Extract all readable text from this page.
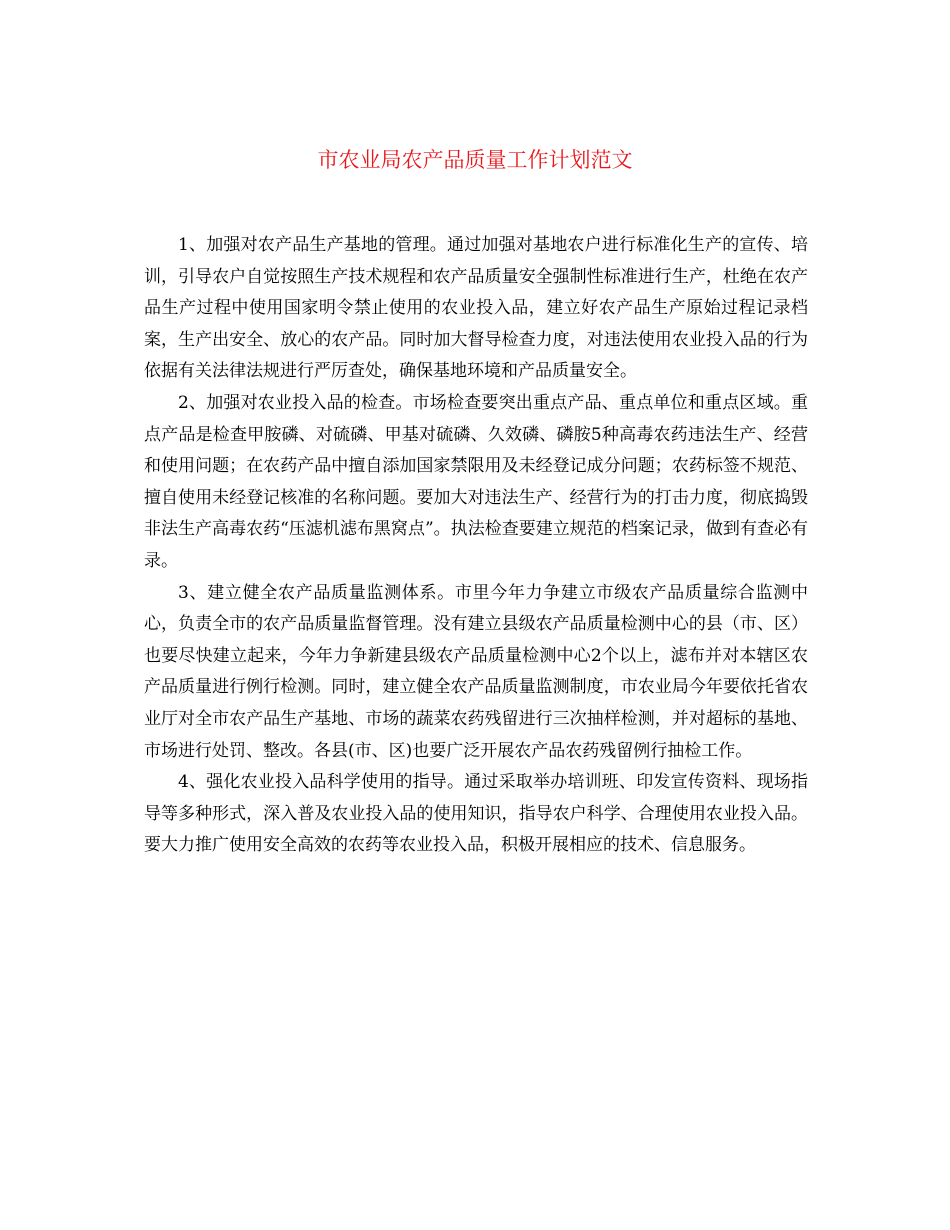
市农业局农产品质量工作计划范文

1、加强对农产品生产基地的管理。通过加强对基地农户进行标准化生产的宣传、培训，引导农户自觉按照生产技术规程和农产品质量安全强制性标准进行生产，杜绝在农产品生产过程中使用国家明令禁止使用的农业投入品，建立好农产品生产原始过程记录档案，生产出安全、放心的农产品。同时加大督导检查力度，对违法使用农业投入品的行为依据有关法律法规进行严厉查处，确保基地环境和产品质量安全。

2、加强对农业投入品的检查。市场检查要突出重点产品、重点单位和重点区域。重点产品是检查甲胺磷、对硫磷、甲基对硫磷、久效磷、磷胺5种高毒农药违法生产、经营和使用问题；在农药产品中擅自添加国家禁限用及未经登记成分问题；农药标签不规范、擅自使用未经登记核准的名称问题。要加大对违法生产、经营行为的打击力度，彻底捣毁非法生产高毒农药“压滤机滤布黑窝点”。执法检查要建立规范的档案记录，做到有查必有录。

3、建立健全农产品质量监测体系。市里今年力争建立市级农产品质量综合监测中心，负责全市的农产品质量监督管理。没有建立县级农产品质量检测中心的县（市、区）也要尽快建立起来，今年力争新建县级农产品质量检测中心2个以上，滤布并对本辖区农产品质量进行例行检测。同时，建立健全农产品质量监测制度，市农业局今年要依托省农业厅对全市农产品生产基地、市场的蔬菜农药残留进行三次抽样检测，并对超标的基地、市场进行处罚、整改。各县(市、区)也要广泛开展农产品农药残留例行抽检工作。

4、强化农业投入品科学使用的指导。通过采取举办培训班、印发宣传资料、现场指导等多种形式，深入普及农业投入品的使用知识，指导农户科学、合理使用农业投入品。要大力推广使用安全高效的农药等农业投入品，积极开展相应的技术、信息服务。
